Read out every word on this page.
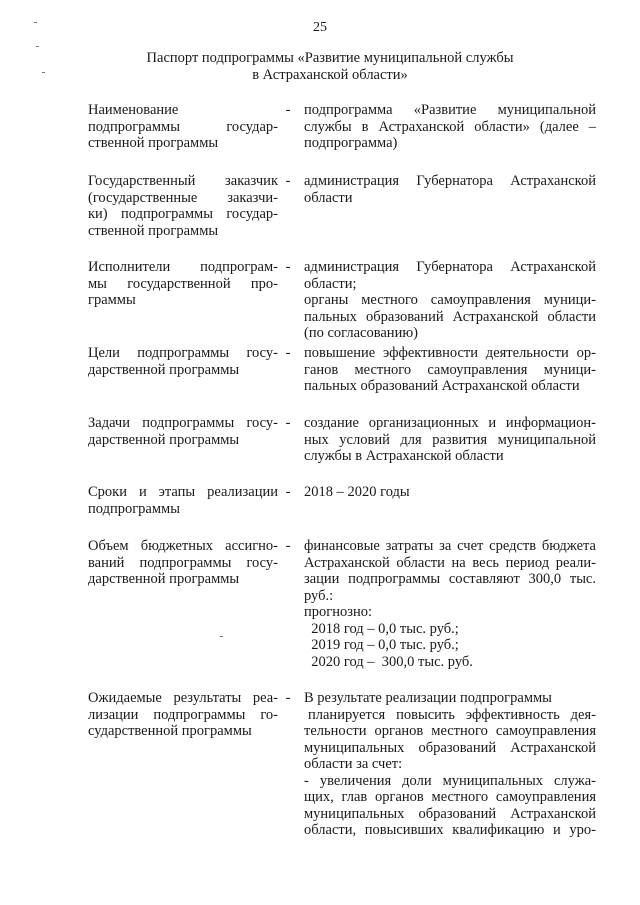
25
Паспорт подпрограммы «Развитие муниципальной службы
в Астраханской области»
Наименование
подпрограммы государ-
ственной программы
- подпрограмма «Развитие муниципальной
службы в Астраханской области» (далее –
подпрограмма)
Государственный заказчик
(государственные заказчи-
ки) подпрограммы государ-
ственной программы
- администрация Губернатора Астраханской
области
Исполнители подпрограм-
мы государственной про-
граммы
- администрация Губернатора Астраханской
области;
органы местного самоуправления муници-
пальных образований Астраханской области
(по согласованию)
Цели подпрограммы госу-
дарственной программы
- повышение эффективности деятельности ор-
ганов местного самоуправления муници-
пальных образований Астраханской области
Задачи подпрограммы госу-
дарственной программы
- создание организационных и информацион-
ных условий для развития муниципальной
службы в Астраханской области
Сроки и этапы реализации
подпрограммы
- 2018 – 2020 годы
Объем бюджетных ассигно-
ваний подпрограммы госу-
дарственной программы
- финансовые затраты за счет средств бюджета
Астраханской области на весь период реали-
зации подпрограммы составляют 300,0 тыс.
руб.:
прогнозно:
2018 год – 0,0 тыс. руб.;
2019 год – 0,0 тыс. руб.;
2020 год –  300,0 тыс. руб.
Ожидаемые результаты реа-
лизации подпрограммы го-
сударственной программы
- В результате реализации подпрограммы
планируется повысить эффективность дея-
тельности органов местного самоуправления
муниципальных образований Астраханской
области за счет:
- увеличения доли муниципальных служа-
щих, глав органов местного самоуправления
муниципальных образований Астраханской
области, повысивших квалификацию и уро-
